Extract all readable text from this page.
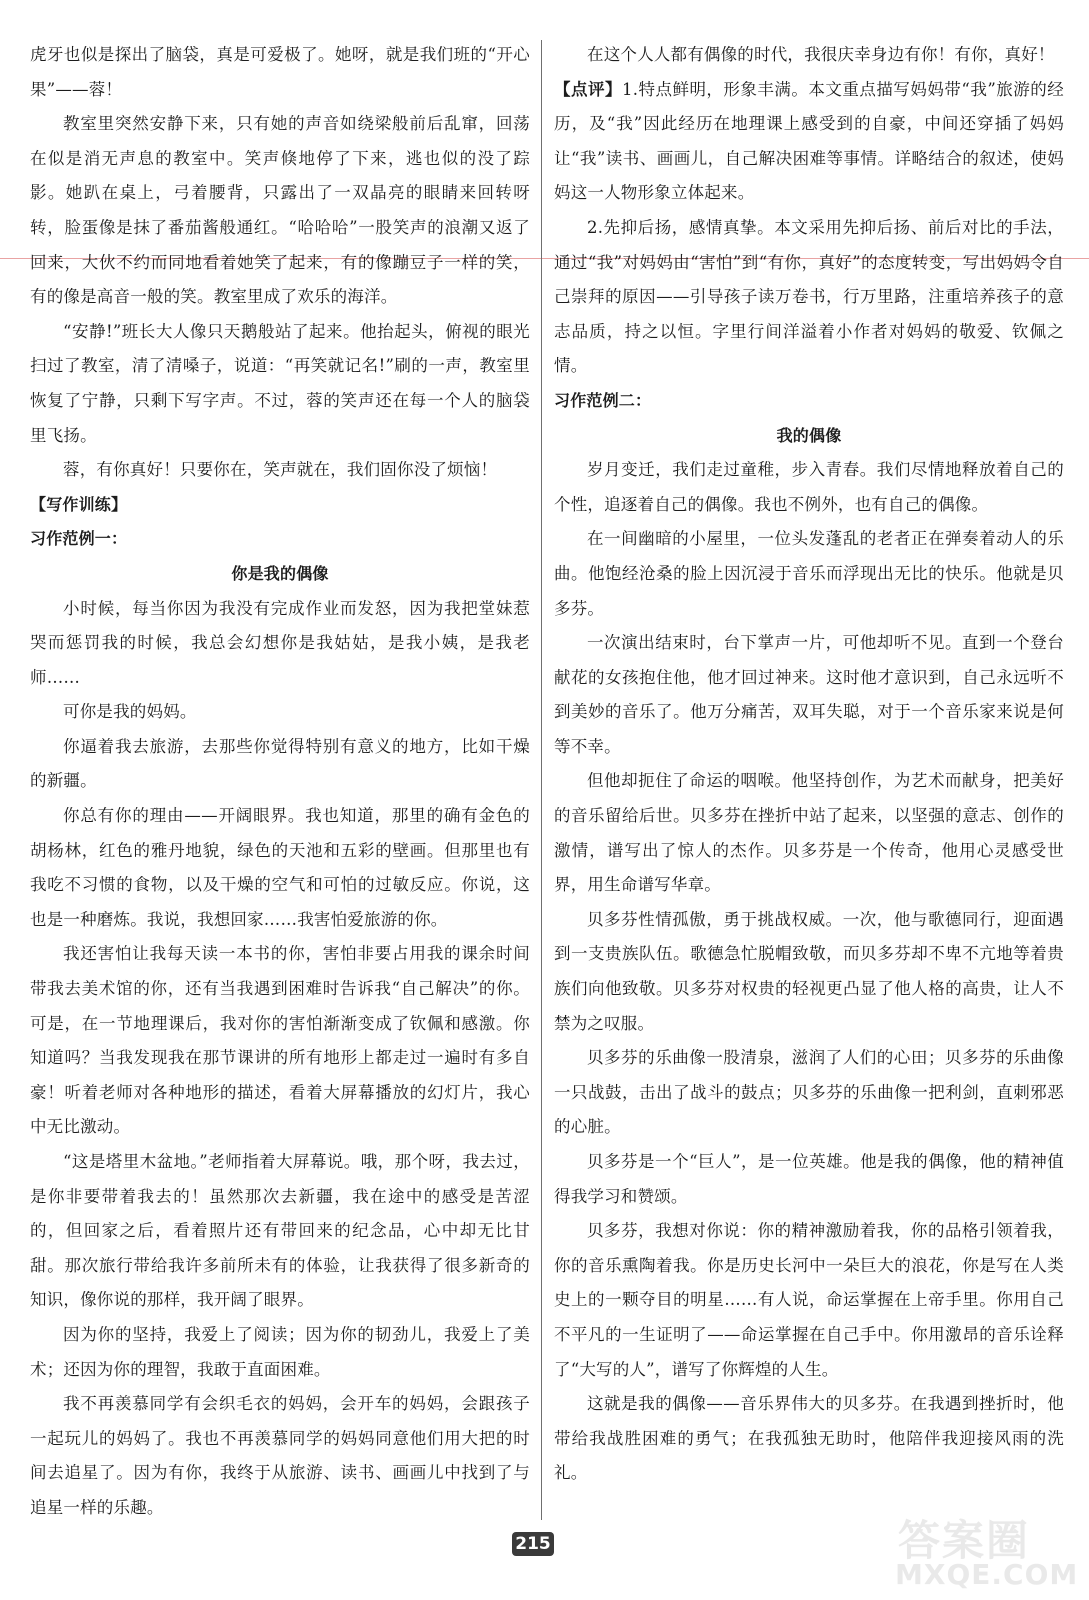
虎牙也似是探出了脑袋，真是可爱极了。她呀，就是我们班的“开心果”——蓉！

教室里突然安静下来，只有她的声音如绕梁般前后乱窜，回荡在似是消无声息的教室中。笑声倏地停了下来，逃也似的没了踪影。她趴在桌上，弓着腰背，只露出了一双晶亮的眼睛来回转呀转，脸蛋像是抹了番茄酱般通红。“哈哈哈”一股笑声的浪潮又返了回来，大伙不约而同地看着她笑了起来，有的像蹦豆子一样的笑，有的像是高音一般的笑。教室里成了欢乐的海洋。

“安静!”班长大人像只天鹅般站了起来。他抬起头，俯视的眼光扫过了教室，清了清嗓子，说道：“再笑就记名!”刷的一声，教室里恢复了宁静，只剩下写字声。不过，蓉的笑声还在每一个人的脑袋里飞扬。

蓉，有你真好！只要你在，笑声就在，我们固你没了烦恼！

【写作训练】

习作范例一：

你是我的偶像

小时候，每当你因为我没有完成作业而发怒，因为我把堂妹惹哭而惩罚我的时候，我总会幻想你是我姑姑，是我小姨，是我老师……

可你是我的妈妈。

你逼着我去旅游，去那些你觉得特别有意义的地方，比如干燥的新疆。

你总有你的理由——开阔眼界。我也知道，那里的确有金色的胡杨林，红色的雅丹地貌，绿色的天池和五彩的壁画。但那里也有我吃不习惯的食物，以及干燥的空气和可怕的过敏反应。你说，这也是一种磨炼。我说，我想回家……我害怕爱旅游的你。

我还害怕让我每天读一本书的你，害怕非要占用我的课余时间带我去美术馆的你，还有当我遇到困难时告诉我“自己解决”的你。可是，在一节地理课后，我对你的害怕渐渐变成了钦佩和感激。你知道吗？当我发现我在那节课讲的所有地形上都走过一遍时有多自豪！听着老师对各种地形的描述，看着大屏幕播放的幻灯片，我心中无比激动。

“这是塔里木盆地。”老师指着大屏幕说。哦，那个呀，我去过，是你非要带着我去的！虽然那次去新疆，我在途中的感受是苦涩的，但回家之后，看着照片还有带回来的纪念品，心中却无比甘甜。那次旅行带给我许多前所未有的体验，让我获得了很多新奇的知识，像你说的那样，我开阔了眼界。

因为你的坚持，我爱上了阅读；因为你的韧劲儿，我爱上了美术；还因为你的理智，我敢于直面困难。

我不再羡慕同学有会织毛衣的妈妈，会开车的妈妈，会跟孩子一起玩儿的妈妈了。我也不再羡慕同学的妈妈同意他们用大把的时间去追星了。因为有你，我终于从旅游、读书、画画儿中找到了与追星一样的乐趣。

在这个人人都有偶像的时代，我很庆幸身边有你！有你，真好！

【点评】1.特点鲜明，形象丰满。本文重点描写妈妈带“我”旅游的经历，及“我”因此经历在地理课上感受到的自豪，中间还穿插了妈妈让“我”读书、画画儿，自己解决困难等事情。详略结合的叙述，使妈妈这一人物形象立体起来。

2.先抑后扬，感情真挚。本文采用先抑后扬、前后对比的手法，通过“我”对妈妈由“害怕”到“有你，真好”的态度转变，写出妈妈令自己崇拜的原因——引导孩子读万卷书，行万里路，注重培养孩子的意志品质，持之以恒。字里行间洋溢着小作者对妈妈的敬爱、钦佩之情。

习作范例二：

我的偶像

岁月变迁，我们走过童稚，步入青春。我们尽情地释放着自己的个性，追逐着自己的偶像。我也不例外，也有自己的偶像。

在一间幽暗的小屋里，一位头发蓬乱的老者正在弹奏着动人的乐曲。他饱经沧桑的脸上因沉浸于音乐而浮现出无比的快乐。他就是贝多芬。

一次演出结束时，台下掌声一片，可他却听不见。直到一个登台献花的女孩抱住他，他才回过神来。这时他才意识到，自己永远听不到美妙的音乐了。他万分痛苦，双耳失聪，对于一个音乐家来说是何等不幸。

但他却扼住了命运的咽喉。他坚持创作，为艺术而献身，把美好的音乐留给后世。贝多芬在挫折中站了起来，以坚强的意志、创作的激情，谱写出了惊人的杰作。贝多芬是一个传奇，他用心灵感受世界，用生命谱写华章。

贝多芬性情孤傲，勇于挑战权威。一次，他与歌德同行，迎面遇到一支贵族队伍。歌德急忙脱帽致敬，而贝多芬却不卑不亢地等着贵族们向他致敬。贝多芬对权贵的轻视更凸显了他人格的高贵，让人不禁为之叹服。

贝多芬的乐曲像一股清泉，滋润了人们的心田；贝多芬的乐曲像一只战鼓，击出了战斗的鼓点；贝多芬的乐曲像一把利剑，直刺邪恶的心脏。

贝多芬是一个“巨人”，是一位英雄。他是我的偶像，他的精神值得我学习和赞颂。

贝多芬，我想对你说：你的精神激励着我，你的品格引领着我，你的音乐熏陶着我。你是历史长河中一朵巨大的浪花，你是写在人类史上的一颗夺目的明星……有人说，命运掌握在上帝手里。你用自己不平凡的一生证明了——命运掌握在自己手中。你用激昂的音乐诠释了“大写的人”，谱写了你辉煌的人生。

这就是我的偶像——音乐界伟大的贝多芬。在我遇到挫折时，他带给我战胜困难的勇气；在我孤独无助时，他陪伴我迎接风雨的洗礼。

215	答案圈
MXQE.COM
